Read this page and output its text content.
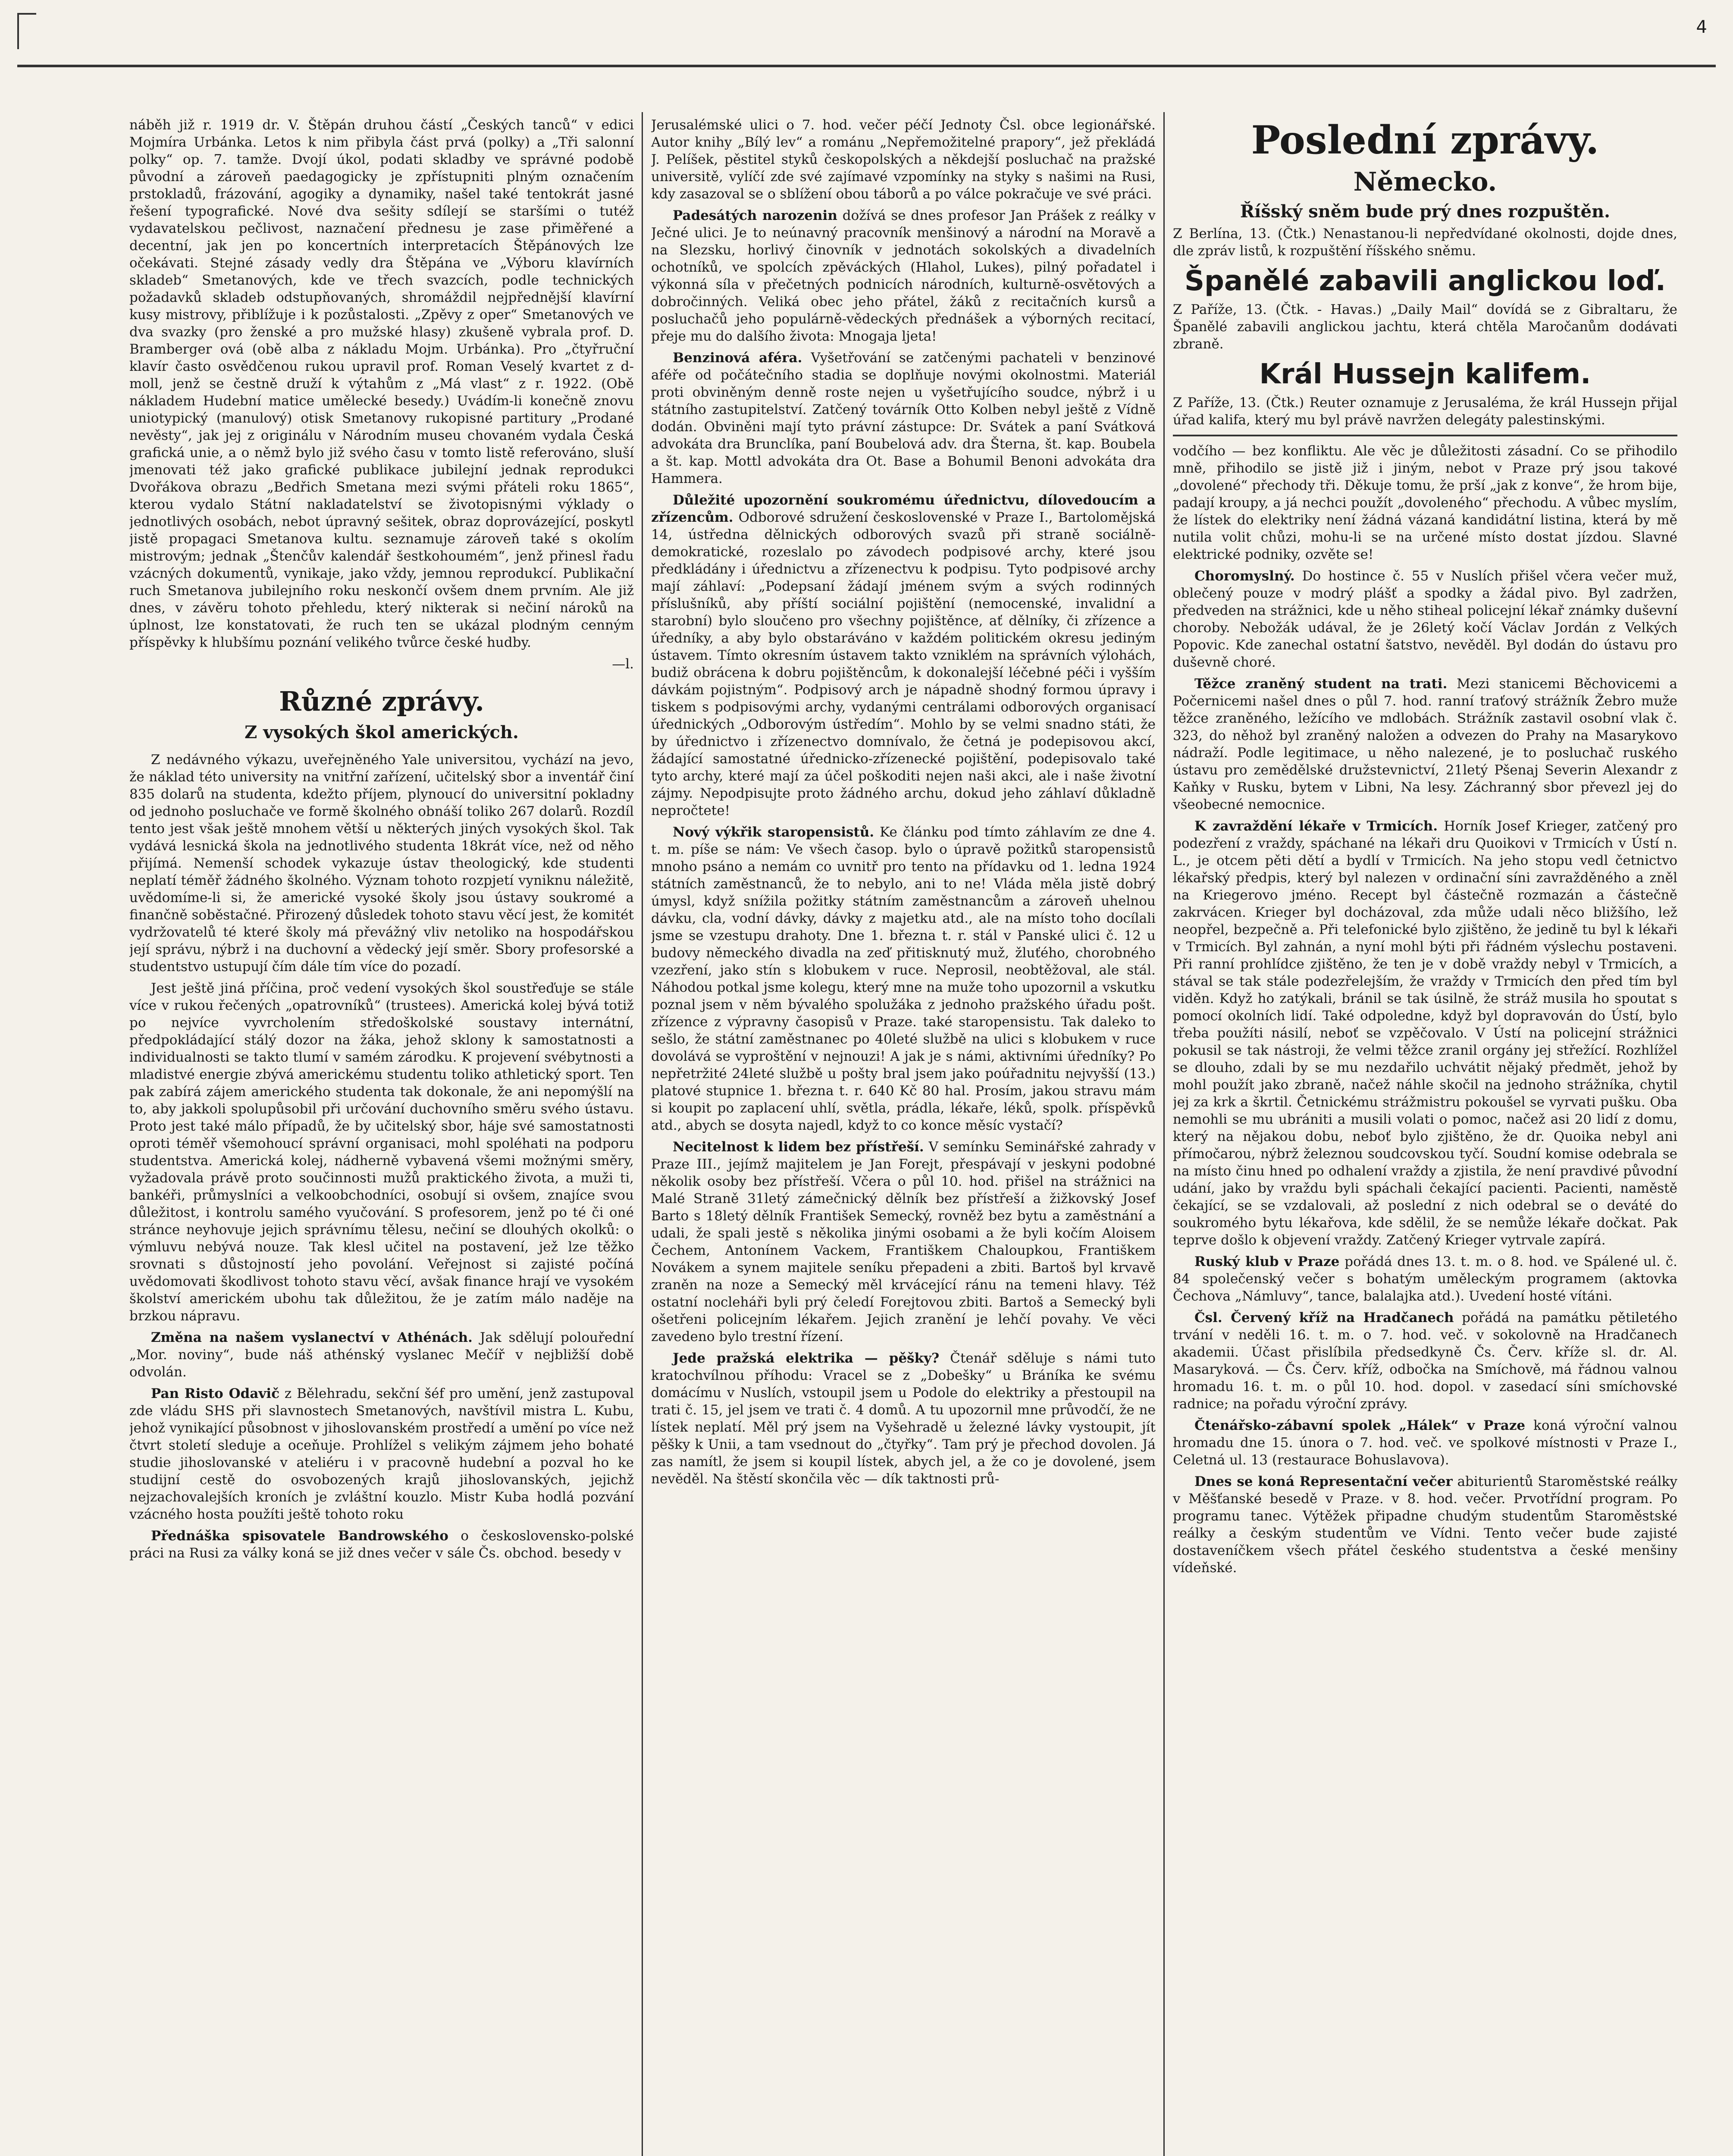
4

náběh již r. 1919 dr. V. Štěpán druhou částí „Českých tanců“ v edici Mojmíra Urbánka. Letos k nim přibyla část prvá (polky) a „Tři salonní polky“ op. 7. tamže. Dvojí úkol, podati skladby ve správné podobě původní a zároveň paedagogicky je zpřístupniti plným označením prstokladů, frázování, agogiky a dynamiky, našel také tentokrát jasné řešení typografické. Nové dva sešity sdílejí se staršími o tutéž vydavatelskou pečlivost, naznačení přednesu je zase přiměřené a decentní, jak jen po koncertních interpretacích Štěpánových lze očekávati. Stejné zásady vedly dra Štěpána ve „Výboru klavírních skladeb“ Smetanových, kde ve třech svazcích, podle technických požadavků skladeb odstupňovaných, shromáždil nejpřednější klavírní kusy mistrovy, přiblížuje i k pozůstalosti. „Zpěvy z oper“ Smetanových ve dva svazky (pro ženské a pro mužské hlasy) zkušeně vybrala prof. D. Bramberger ová (obě alba z nákladu Mojm. Urbánka). Pro „čtyřruční klavír často osvědčenou rukou upravil prof. Roman Veselý kvartet z d-moll, jenž se čestně druží k výtahům z „Má vlast“ z r. 1922. (Obě nákladem Hudební matice umělecké besedy.) Uvádím-li konečně znovu uniotypický (manulový) otisk Smetanovy rukopisné partitury „Prodané nevěsty“, jak jej z originálu v Národním museu chovaném vydala Česká grafická unie, a o němž bylo již svého času v tomto listě referováno, sluší jmenovati též jako grafické publikace jubilejní jednak reprodukci Dvořákova obrazu „Bedřich Smetana mezi svými přáteli roku 1865“, kterou vydalo Státní nakladatelství se životopisnými výklady o jednotlivých osobách, nebot úpravný sešitek, obraz doprovázející, poskytl jistě propagaci Smetanova kultu. seznamuje zároveň také s okolím mistrovým; jednak „Štenčův kalendář šestkohoumém“, jenž přinesl řadu vzácných dokumentů, vynikaje, jako vždy, jemnou reprodukcí. Publikační ruch Smetanova jubilejního roku neskončí ovšem dnem prvním. Ale již dnes, v závěru tohoto přehledu, který nikterak si nečiní nároků na úplnost, lze konstatovati, že ruch ten se ukázal plodným cenným příspěvky k hlubšímu poznání velikého tvůrce české hudby.

—l.

Různé zprávy.
Z vysokých škol amerických.

Z nedávného výkazu, uveřejněného Yale universitou, vychází na jevo, že náklad této university na vnitřní zařízení, učitelský sbor a inventář činí 835 dolarů na studenta, kdežto příjem, plynoucí do universitní pokladny od jednoho posluchače ve formě školného obnáší toliko 267 dolarů. Rozdíl tento jest však ještě mnohem větší u některých jiných vysokých škol. Tak vydává lesnická škola na jednotlivého studenta 18krát více, než od něho přijímá. Nemenší schodek vykazuje ústav theologický, kde studenti neplatí téměř žádného školného. Význam tohoto rozpjetí vyniknu náležitě, uvědomíme-li si, že americké vysoké školy jsou ústavy soukromé a finančně soběstačné. Přirozený důsledek tohoto stavu věcí jest, že komitét vydržovatelů té které školy má převážný vliv netoliko na hospodářskou její správu, nýbrž i na duchovní a vědecký její směr. Sbory profesorské a studentstvo ustupují čím dále tím více do pozadí.

Jest ještě jiná příčina, proč vedení vysokých škol soustřeďuje se stále více v rukou řečených „opatrovníků“ (trustees). Americká kolej bývá totiž po nejvíce vyvrcholením středoškolské soustavy internátní, předpokládající stálý dozor na žáka, jehož sklony k samostatnosti a individualnosti se takto tlumí v samém zárodku. K projevení svébytnosti a mladistvé energie zbývá americkému studentu toliko athletický sport. Ten pak zabírá zájem amerického studenta tak dokonale, že ani nepomýšlí na to, aby jakkoli spolupůsobil při určování duchovního směru svého ústavu. Proto jest také málo případů, že by učitelský sbor, háje své samostatnosti oproti téměř všemohoucí správní organisaci, mohl spoléhati na podporu studentstva. Americká kolej, nádherně vybavená všemi možnými směry, vyžadovala právě proto součinnosti mužů praktického života, a muži ti, bankéři, průmyslníci a velkoobchodníci, osobují si ovšem, znajíce svou důležitost, i kontrolu samého vyučování. S profesorem, jenž po té či oné stránce neyhovuje jejich správnímu tělesu, nečiní se dlouhých okolků: o výmluvu nebývá nouze. Tak klesl učitel na postavení, jež lze těžko srovnati s důstojností jeho povolání. Veřejnost si zajisté počíná uvědomovati škodlivost tohoto stavu věcí, avšak finance hrají ve vysokém školství americkém ubohu tak důležitou, že je zatím málo naděje na brzkou nápravu.

Změna na našem vyslanectví v Athénách. Jak sdělují polouřední „Mor. noviny“, bude náš athénský vyslanec Mečíř v nejbližší době odvolán.

Pan Risto Odavič z Bělehradu, sekční šéf pro umění, jenž zastupoval zde vládu SHS při slavnostech Smetanových, navštívil mistra L. Kubu, jehož vynikající působnost v jihoslovanském prostředí a umění po více než čtvrt století sleduje a oceňuje. Prohlížel s velikým zájmem jeho bohaté studie jihoslovanské v ateliéru i v pracovně hudební a pozval ho ke studijní cestě do osvobozených krajů jihoslovanských, jejichž nejzachovalejších kroních je zvláštní kouzlo. Mistr Kuba hodlá pozvání vzácného hosta použíti ještě tohoto roku

Přednáška spisovatele Bandrowského o československo-polské práci na Rusi za války koná se již dnes večer v sále Čs. obchod. besedy v

Jerusalémské ulici o 7. hod. večer péčí Jednoty Čsl. obce legionářské. Autor knihy „Bílý lev“ a románu „Nepřemožitelné prapory“, jež překládá J. Pelíšek, pěstitel styků českopolských a někdejší posluchač na pražské universitě, vylíčí zde své zajímavé vzpomínky na styky s našimi na Rusi, kdy zasazoval se o sblížení obou táborů a po válce pokračuje ve své práci.

Padesátých narozenin dožívá se dnes profesor Jan Prášek z reálky v Ječné ulici. Je to neúnavný pracovník menšinový a národní na Moravě a na Slezsku, horlivý činovník v jednotách sokolských a divadelních ochotníků, ve spolcích zpěváckých (Hlahol, Lukes), pilný pořadatel i výkonná síla v přečetných podnicích národních, kulturně-osvětových a dobročinných. Veliká obec jeho přátel, žáků z recitačních kursů a posluchačů jeho populárně-vědeckých přednášek a výborných recitací, přeje mu do dalšího života: Mnogaja ljeta!

Benzinová aféra. Vyšetřování se zatčenými pachateli v benzinové aféře od počátečního stadia se doplňuje novými okolnostmi. Materiál proti obviněným denně roste nejen u vyšetřujícího soudce, nýbrž i u státního zastupitelství. Zatčený továrník Otto Kolben nebyl ještě z Vídně dodán. Obviněni mají tyto právní zástupce: Dr. Svátek a paní Svátková advokáta dra Brunclíka, paní Boubelová adv. dra Šterna, št. kap. Boubela a št. kap. Mottl advokáta dra Ot. Base a Bohumil Benoni advokáta dra Hammera.

Důležité upozornění soukromému úřednictvu, dílovedoucím a zřízencům. Odborové sdružení československé v Praze I., Bartolomějská 14, ústředna dělnických odborových svazů při straně sociálně-demokratické, rozeslalo po závodech podpisové archy, které jsou předkládány i úřednictvu a zřízenectvu k podpisu. Tyto podpisové archy mají záhlaví: „Podepsaní žádají jménem svým a svých rodinných příslušníků, aby příští sociální pojištění (nemocenské, invalidní a starobní) bylo sloučeno pro všechny pojištěnce, ať dělníky, či zřízence a úředníky, a aby bylo obstaráváno v každém politickém okresu jediným ústavem. Tímto okresním ústavem takto vzniklém na správních výlohách, budiž obrácena k dobru pojištěncům, k dokonalejší léčebné péči i vyšším dávkám pojistným“. Podpisový arch je nápadně shodný formou úpravy i tiskem s podpisovými archy, vydanými centrálami odborových organisací úřednických „Odborovým ústředím“. Mohlo by se velmi snadno státi, že by úřednictvo i zřízenectvo domnívalo, že četná je podepisovou akcí, žádající samostatné úřednicko-zřízenecké pojištění, podepisovalo také tyto archy, které mají za účel poškoditi nejen naši akci, ale i naše životní zájmy. Nepodpisujte proto žádného archu, dokud jeho záhlaví důkladně nepročtete!

Nový výkřik staropensistů. Ke článku pod tímto záhlavím ze dne 4. t. m. píše se nám: Ve všech časop. bylo o úpravě požitků staropensistů mnoho psáno a nemám co uvnitř pro tento na přídavku od 1. ledna 1924 státních zaměstnanců, že to nebylo, ani to ne! Vláda měla jistě dobrý úmysl, když snížila požitky státním zaměstnancům a zároveň uhelnou dávku, cla, vodní dávky, dávky z majetku atd., ale na místo toho docílali jsme se vzestupu drahoty. Dne 1. března t. r. stál v Panské ulici č. 12 u budovy německého divadla na zeď přitisknutý muž, žluťého, chorobného vzezření, jako stín s klobukem v ruce. Neprosil, neobtěžoval, ale stál. Náhodou potkal jsme kolegu, který mne na muže toho upozornil a vskutku poznal jsem v něm bývalého spolužáka z jednoho pražského úřadu pošt. zřízence z výpravny časopisů v Praze. také staropensistu. Tak daleko to sešlo, že státní zaměstnanec po 40leté službě na ulici s klobukem v ruce dovolává se vyproštění v nejnouzi! A jak je s námi, aktivními úředníky? Po nepřetržité 24leté službě u pošty bral jsem jako poúřadnitu nejvyšší (13.) platové stupnice 1. března t. r. 640 Kč 80 hal. Prosím, jakou stravu mám si koupit po zaplacení uhlí, světla, prádla, lékaře, léků, spolk. příspěvků atd., abych se dosyta najedl, když to co konce měsíc vystačí?

Necitelnost k lidem bez přístřeší. V semínku Seminářské zahrady v Praze III., jejímž majitelem je Jan Forejt, přespávají v jeskyni podobné několik osoby bez přístřeší. Včera o půl 10. hod. přišel na strážnici na Malé Straně 31letý zámečnický dělník bez přístřeší a žižkovský Josef Barto s 18letý dělník František Semecký, rovněž bez bytu a zaměstnání a udali, že spali jestě s několika jinými osobami a že byli kočím Aloisem Čechem, Antonínem Vackem, Františkem Chaloupkou, Františkem Novákem a synem majitele seníku přepadeni a zbiti. Bartoš byl krvavě zraněn na noze a Semecký měl krvácející ránu na temeni hlavy. Též ostatní nocleháři byli prý čeledí Forejtovou zbiti. Bartoš a Semecký byli ošetřeni policejním lékařem. Jejich zranění je lehčí povahy. Ve věci zavedeno bylo trestní řízení.

Jede pražská elektrika — pěšky? Čtenář sděluje s námi tuto kratochvílnou příhodu: Vracel se z „Dobešky“ u Bráníka ke svému domácímu v Nuslích, vstoupil jsem u Podole do elektriky a přestoupil na trati č. 15, jel jsem ve trati č. 4 domů. A tu upozornil mne průvodčí, že ne lístek neplatí. Měl prý jsem na Vyšehradě u železné lávky vystoupit, jít pěšky k Unii, a tam vsednout do „čtyřky“. Tam prý je přechod dovolen. Já zas namítl, že jsem si koupil lístek, abych jel, a že co je dovolené, jsem nevěděl. Na štěstí skončila věc — dík taktnosti prů-

Poslední zprávy.
Německo.
Říšský sněm bude prý dnes rozpuštěn.

Z Berlína, 13. (Čtk.) Nenastanou-li nepředvídané okolnosti, dojde dnes, dle zpráv listů, k rozpuštění říšského sněmu.

Španělé zabavili anglickou loď.

Z Paříže, 13. (Čtk. - Havas.) „Daily Mail“ dovídá se z Gibraltaru, že Španělé zabavili anglickou jachtu, která chtěla Maročanům dodávati zbraně.

Král Hussejn kalifem.

Z Paříže, 13. (Čtk.) Reuter oznamuje z Jerusaléma, že král Hussejn přijal úřad kalifa, který mu byl právě navržen delegáty palestinskými.

vodčího — bez konfliktu. Ale věc je důležitosti zásadní. Co se přihodilo mně, přihodilo se jistě již i jiným, nebot v Praze prý jsou takové „dovolené“ přechody tři. Děkuje tomu, že prší „jak z konve“, že hrom bije, padají kroupy, a já nechci použít „dovoleného“ přechodu. A vůbec myslím, že lístek do elektriky není žádná vázaná kandidátní listina, která by mě nutila volit chůzi, mohu-li se na určené místo dostat jízdou. Slavné elektrické podniky, ozvěte se!

Choromyslný. Do hostince č. 55 v Nuslích přišel včera večer muž, oblečený pouze v modrý plášť a spodky a žádal pivo. Byl zadržen, předveden na strážnici, kde u něho stiheal policejní lékař známky duševní choroby. Nebožák udával, že je 26letý kočí Václav Jordán z Velkých Popovic. Kde zanechal ostatní šatstvo, nevěděl. Byl dodán do ústavu pro duševně choré.

Těžce zraněný student na trati. Mezi stanicemi Běchovicemi a Počernicemi našel dnes o půl 7. hod. ranní traťový strážník Žebro muže těžce zraněného, ležícího ve mdlobách. Strážník zastavil osobní vlak č. 323, do něhož byl zraněný naložen a odvezen do Prahy na Masarykovo nádraží. Podle legitimace, u něho nalezené, je to posluchač ruského ústavu pro zemědělské družstevnictví, 21letý Pšenaj Severin Alexandr z Kaňky v Rusku, bytem v Libni, Na lesy. Záchranný sbor převezl jej do všeobecné nemocnice.

K zavraždění lékaře v Trmicích. Horník Josef Krieger, zatčený pro podezření z vraždy, spáchané na lékaři dru Quoikovi v Trmicích v Ústí n. L., je otcem pěti dětí a bydlí v Trmicích. Na jeho stopu vedl četnictvo lékařský předpis, který byl nalezen v ordinační síni zavražděného a zněl na Kriegerovo jméno. Recept byl částečně rozmazán a částečně zakrvácen. Krieger byl docházoval, zda může udali něco bližšího, lež neopřel, bezpečně a. Při telefonické bylo zjištěno, že jedině tu byl k lékaři v Trmicích. Byl zahnán, a nyní mohl býti při řádném výslechu postaveni. Při ranní prohlídce zjištěno, že ten je v době vraždy nebyl v Trmicích, a stával se tak stále podezřelejším, že vraždy v Trmicích den před tím byl viděn. Když ho zatýkali, bránil se tak úsilně, že stráž musila ho spoutat s pomocí okolních lidí. Také odpoledne, když byl dopravován do Ústí, bylo třeba použíti násilí, neboť se vzpěčovalo. V Ústí na policejní strážnici pokusil se tak nástroji, že velmi těžce zranil orgány jej střežící. Rozhlížel se dlouho, zdali by se mu nezdařilo uchvátit nějaký předmět, jehož by mohl použít jako zbraně, načež náhle skočil na jednoho strážníka, chytil jej za krk a škrtil. Četnickému strážmistru pokoušel se vyrvati pušku. Oba nemohli se mu ubrániti a musili volati o pomoc, načež asi 20 lidí z domu, který na nějakou dobu, neboť bylo zjištěno, že dr. Quoika nebyl ani přímočarou, nýbrž železnou soudcovskou tyčí. Soudní komise odebrala se na místo činu hned po odhalení vraždy a zjistila, že není pravdivé původní udání, jako by vraždu byli spáchali čekající pacienti. Pacienti, naměstě čekající, se se vzdalovali, až poslední z nich odebral se o deváté do soukromého bytu lékařova, kde sdělil, že se nemůže lékaře dočkat. Pak teprve došlo k objevení vraždy. Zatčený Krieger vytrvale zapírá.

Ruský klub v Praze pořádá dnes 13. t. m. o 8. hod. ve Spálené ul. č. 84 společenský večer s bohatým uměleckým programem (aktovka Čechova „Námluvy“, tance, balalajka atd.). Uvedení hosté vítáni.

Čsl. Červený kříž na Hradčanech pořádá na památku pětiletého trvání v neděli 16. t. m. o 7. hod. več. v sokolovně na Hradčanech akademii. Účast přislíbila předsedkyně Čs. Červ. kříže sl. dr. Al. Masaryková. — Čs. Červ. kříž, odbočka na Smíchově, má řádnou valnou hromadu 16. t. m. o půl 10. hod. dopol. v zasedací síni smíchovské radnice; na pořadu výroční zprávy.

Čtenářsko-zábavní spolek „Hálek“ v Praze koná výroční valnou hromadu dne 15. února o 7. hod. več. ve spolkové místnosti v Praze I., Celetná ul. 13 (restaurace Bohuslavova).

Dnes se koná Representační večer abiturientů Staroměstské reálky v Měšťanské besedě v Praze. v 8. hod. večer. Prvotřídní program. Po programu tanec. Výtěžek připadne chudým studentům Staroměstské reálky a českým studentům ve Vídni. Tento večer bude zajisté dostaveníčkem všech přátel českého studentstva a české menšiny vídeňské.
